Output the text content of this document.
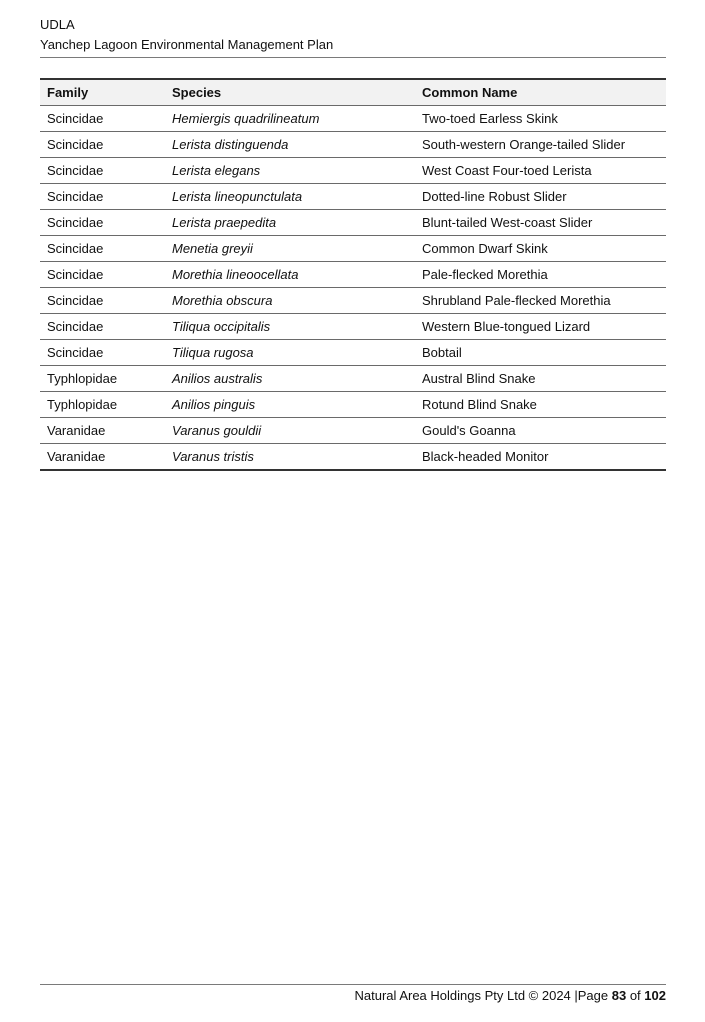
UDLA
Yanchep Lagoon Environmental Management Plan
Family	Species	Common Name
Scincidae	Hemiergis quadrilineatum	Two-toed Earless Skink
Scincidae	Lerista distinguenda	South-western Orange-tailed Slider
Scincidae	Lerista elegans	West Coast Four-toed Lerista
Scincidae	Lerista lineopunctulata	Dotted-line Robust Slider
Scincidae	Lerista praepedita	Blunt-tailed West-coast Slider
Scincidae	Menetia greyii	Common Dwarf Skink
Scincidae	Morethia lineoocellata	Pale-flecked Morethia
Scincidae	Morethia obscura	Shrubland Pale-flecked Morethia
Scincidae	Tiliqua occipitalis	Western Blue-tongued Lizard
Scincidae	Tiliqua rugosa	Bobtail
Typhlopidae	Anilios australis	Austral Blind Snake
Typhlopidae	Anilios pinguis	Rotund Blind Snake
Varanidae	Varanus gouldii	Gould's Goanna
Varanidae	Varanus tristis	Black-headed Monitor
Natural Area Holdings Pty Ltd © 2024 |Page 83 of 102
